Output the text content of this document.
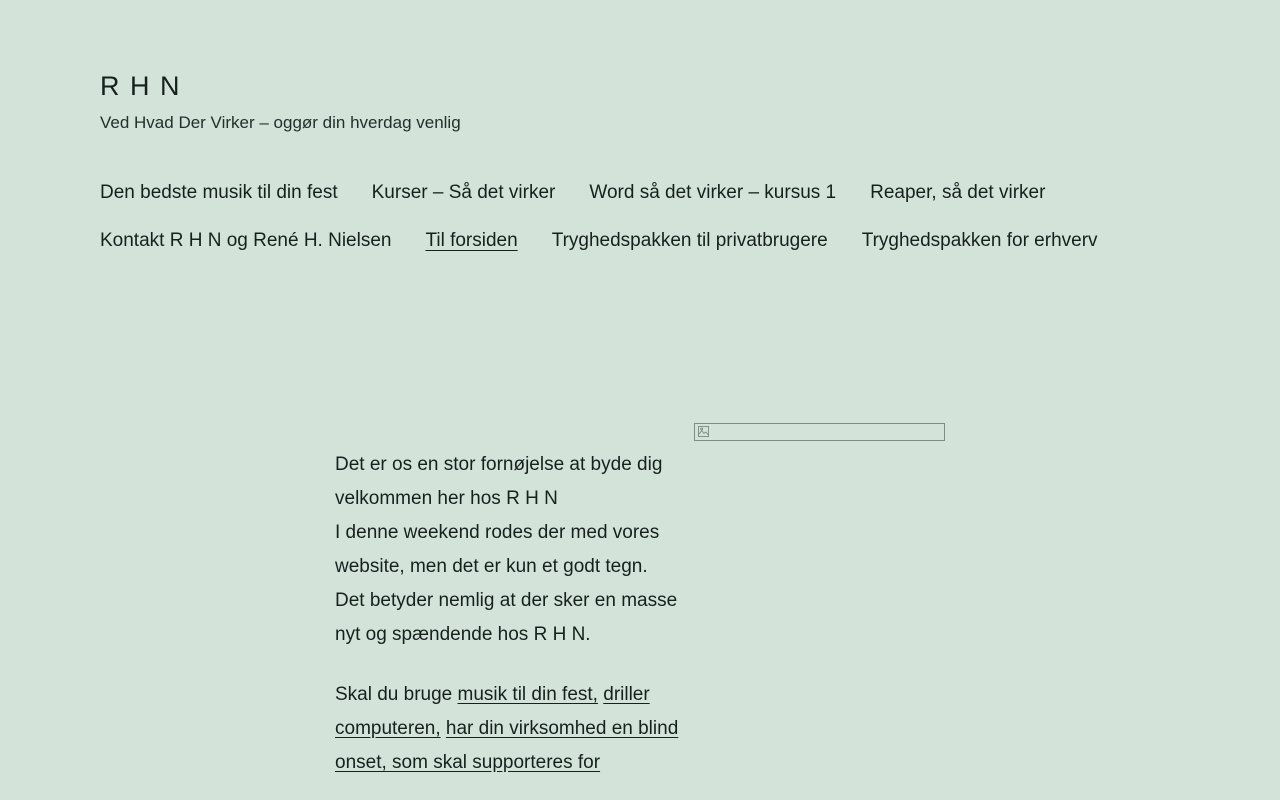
R H N

Ved Hvad Der Virker – oggør din hverdag venlig

Den bedste musik til din fest Kurser – Så det virker Word så det virker – kursus 1 Reaper, så det virker
Kontakt R H N og René H. Nielsen Til forsiden Tryghedspakken til privatbrugere Tryghedspakken for erhverv

Det er os en stor fornøjelse at byde dig velkommen her hos R H N
I denne weekend rodes der med vores website, men det er kun et godt tegn. Det betyder nemlig at der sker en masse nyt og spændende hos R H N.

Skal du bruge musik til din fest, driller computeren, har din virksomhed en blind onset, som skal supporteres for
